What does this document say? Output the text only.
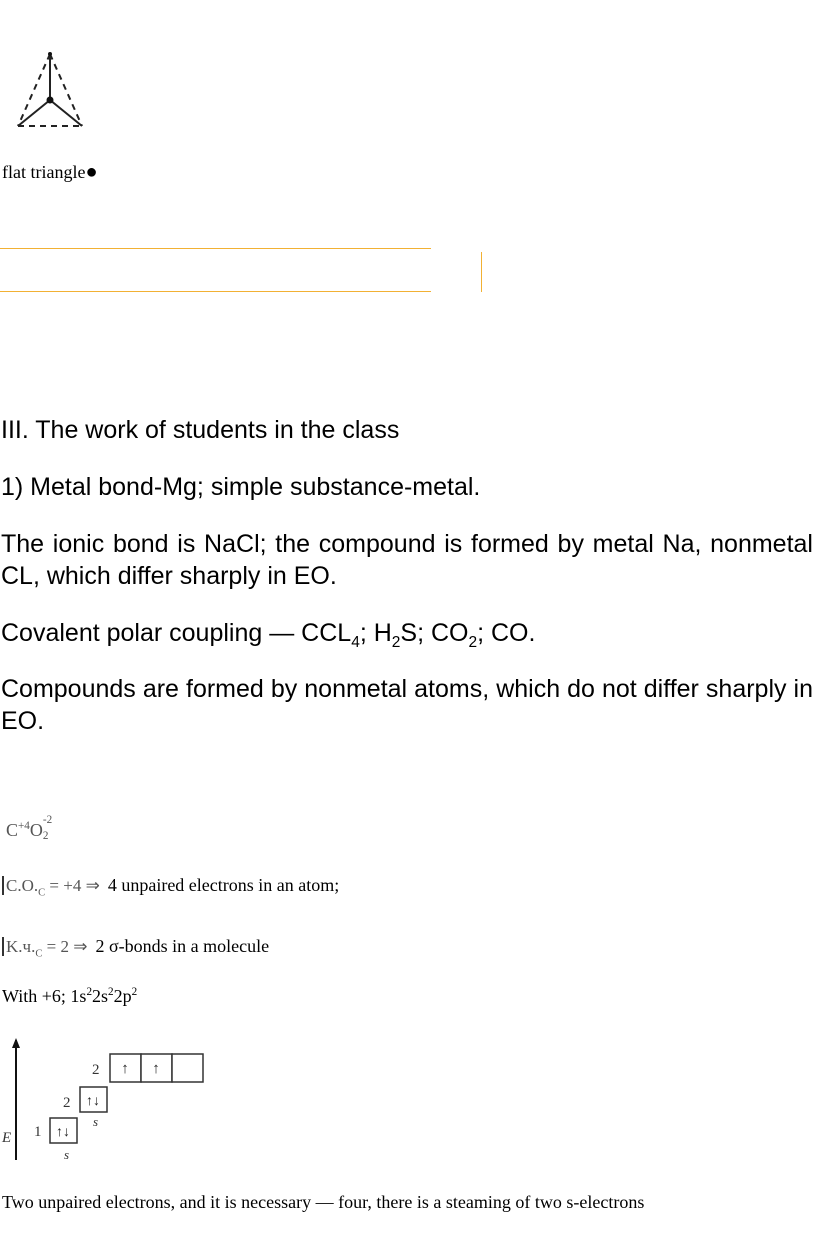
flat triangle●
III. The work of students in the class
1) Metal bond-Mg; simple substance-metal.
The ionic bond is NaCl; the compound is formed by metal Na, nonmetal CL, which differ sharply in EO.
Covalent polar coupling — $CCL_4$; $H_2S$; $CO_2$; CO.
Compounds are formed by nonmetal atoms, which do not differ sharply in EO.
$C^{+4}O$ -2
2
$C.O._C = +4$ ⇒ 4 unpaired electrons in an atom;
$K.ч._C = 2$ ⇒ 2 σ-bonds in a molecule
With +6; $1s^22s^22p^2$
E 1 ↑↓
s
2 ↑↓
s
2 ↑ ↑
Two unpaired electrons, and it is necessary — four, there is a steaming of two s-electrons
